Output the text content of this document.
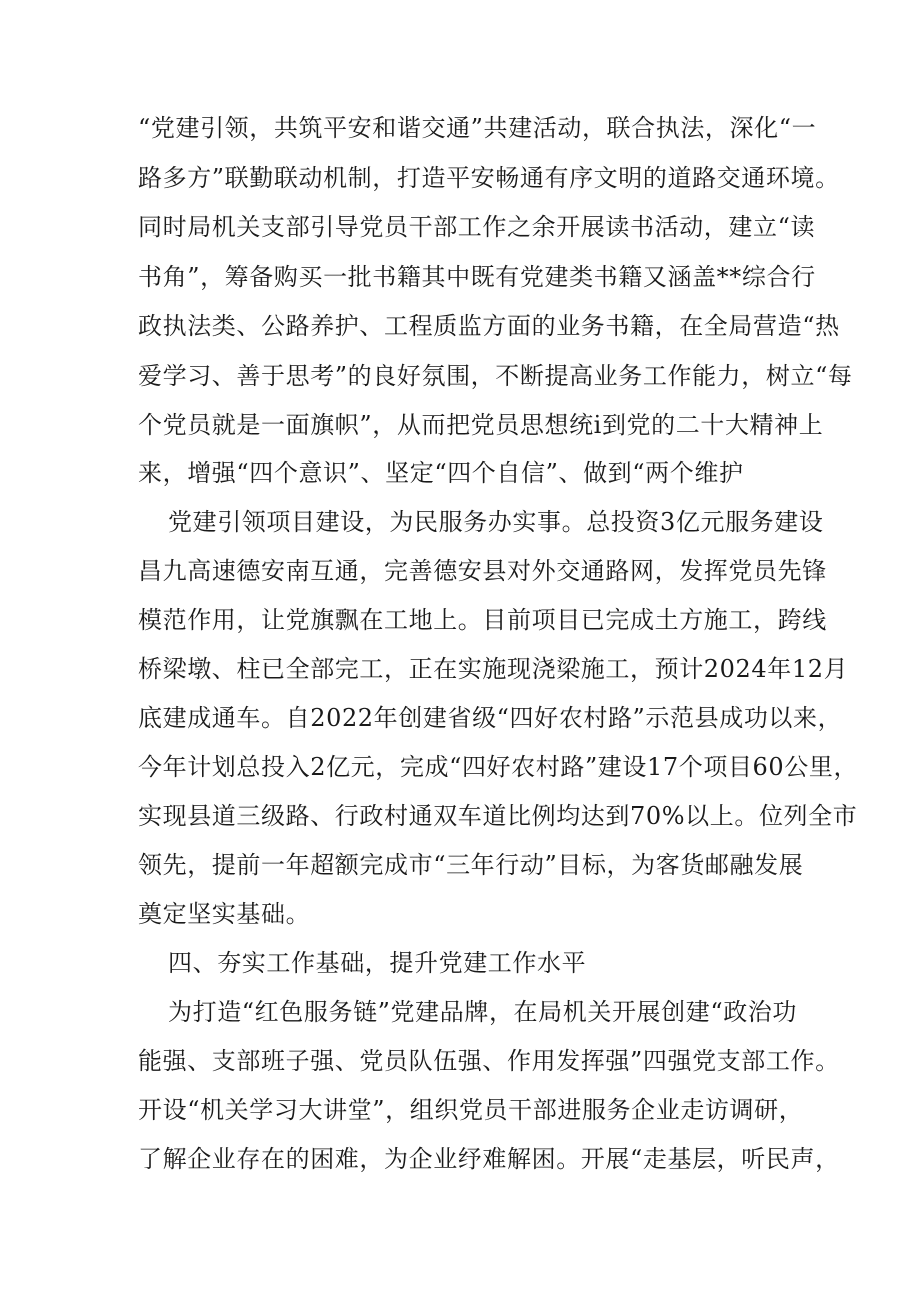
“党建引领，共筑平安和谐交通”共建活动，联合执法，深化“一
路多方”联勤联动机制，打造平安畅通有序文明的道路交通环境。
同时局机关支部引导党员干部工作之余开展读书活动，建立“读
书角”，筹备购买一批书籍其中既有党建类书籍又涵盖**综合行
政执法类、公路养护、工程质监方面的业务书籍，在全局营造“热
爱学习、善于思考”的良好氛围，不断提高业务工作能力，树立“每
个党员就是一面旗帜”，从而把党员思想统i到党的二十大精神上
来，增强“四个意识”、坚定“四个自信”、做到“两个维护
党建引领项目建设，为民服务办实事。总投资3亿元服务建设
昌九高速德安南互通，完善德安县对外交通路网，发挥党员先锋
模范作用，让党旗飘在工地上。目前项目已完成土方施工，跨线
桥梁墩、柱已全部完工，正在实施现浇梁施工，预计2024年12月
底建成通车。自2022年创建省级“四好农村路”示范县成功以来，
今年计划总投入2亿元，完成“四好农村路”建设17个项目60公里，
实现县道三级路、行政村通双车道比例均达到70%以上。位列全市
领先，提前一年超额完成市“三年行动”目标，为客货邮融发展
奠定坚实基础。
四、夯实工作基础，提升党建工作水平
为打造“红色服务链”党建品牌，在局机关开展创建“政治功
能强、支部班子强、党员队伍强、作用发挥强”四强党支部工作。
开设“机关学习大讲堂”，组织党员干部进服务企业走访调研，
了解企业存在的困难，为企业纾难解困。开展“走基层，听民声，
